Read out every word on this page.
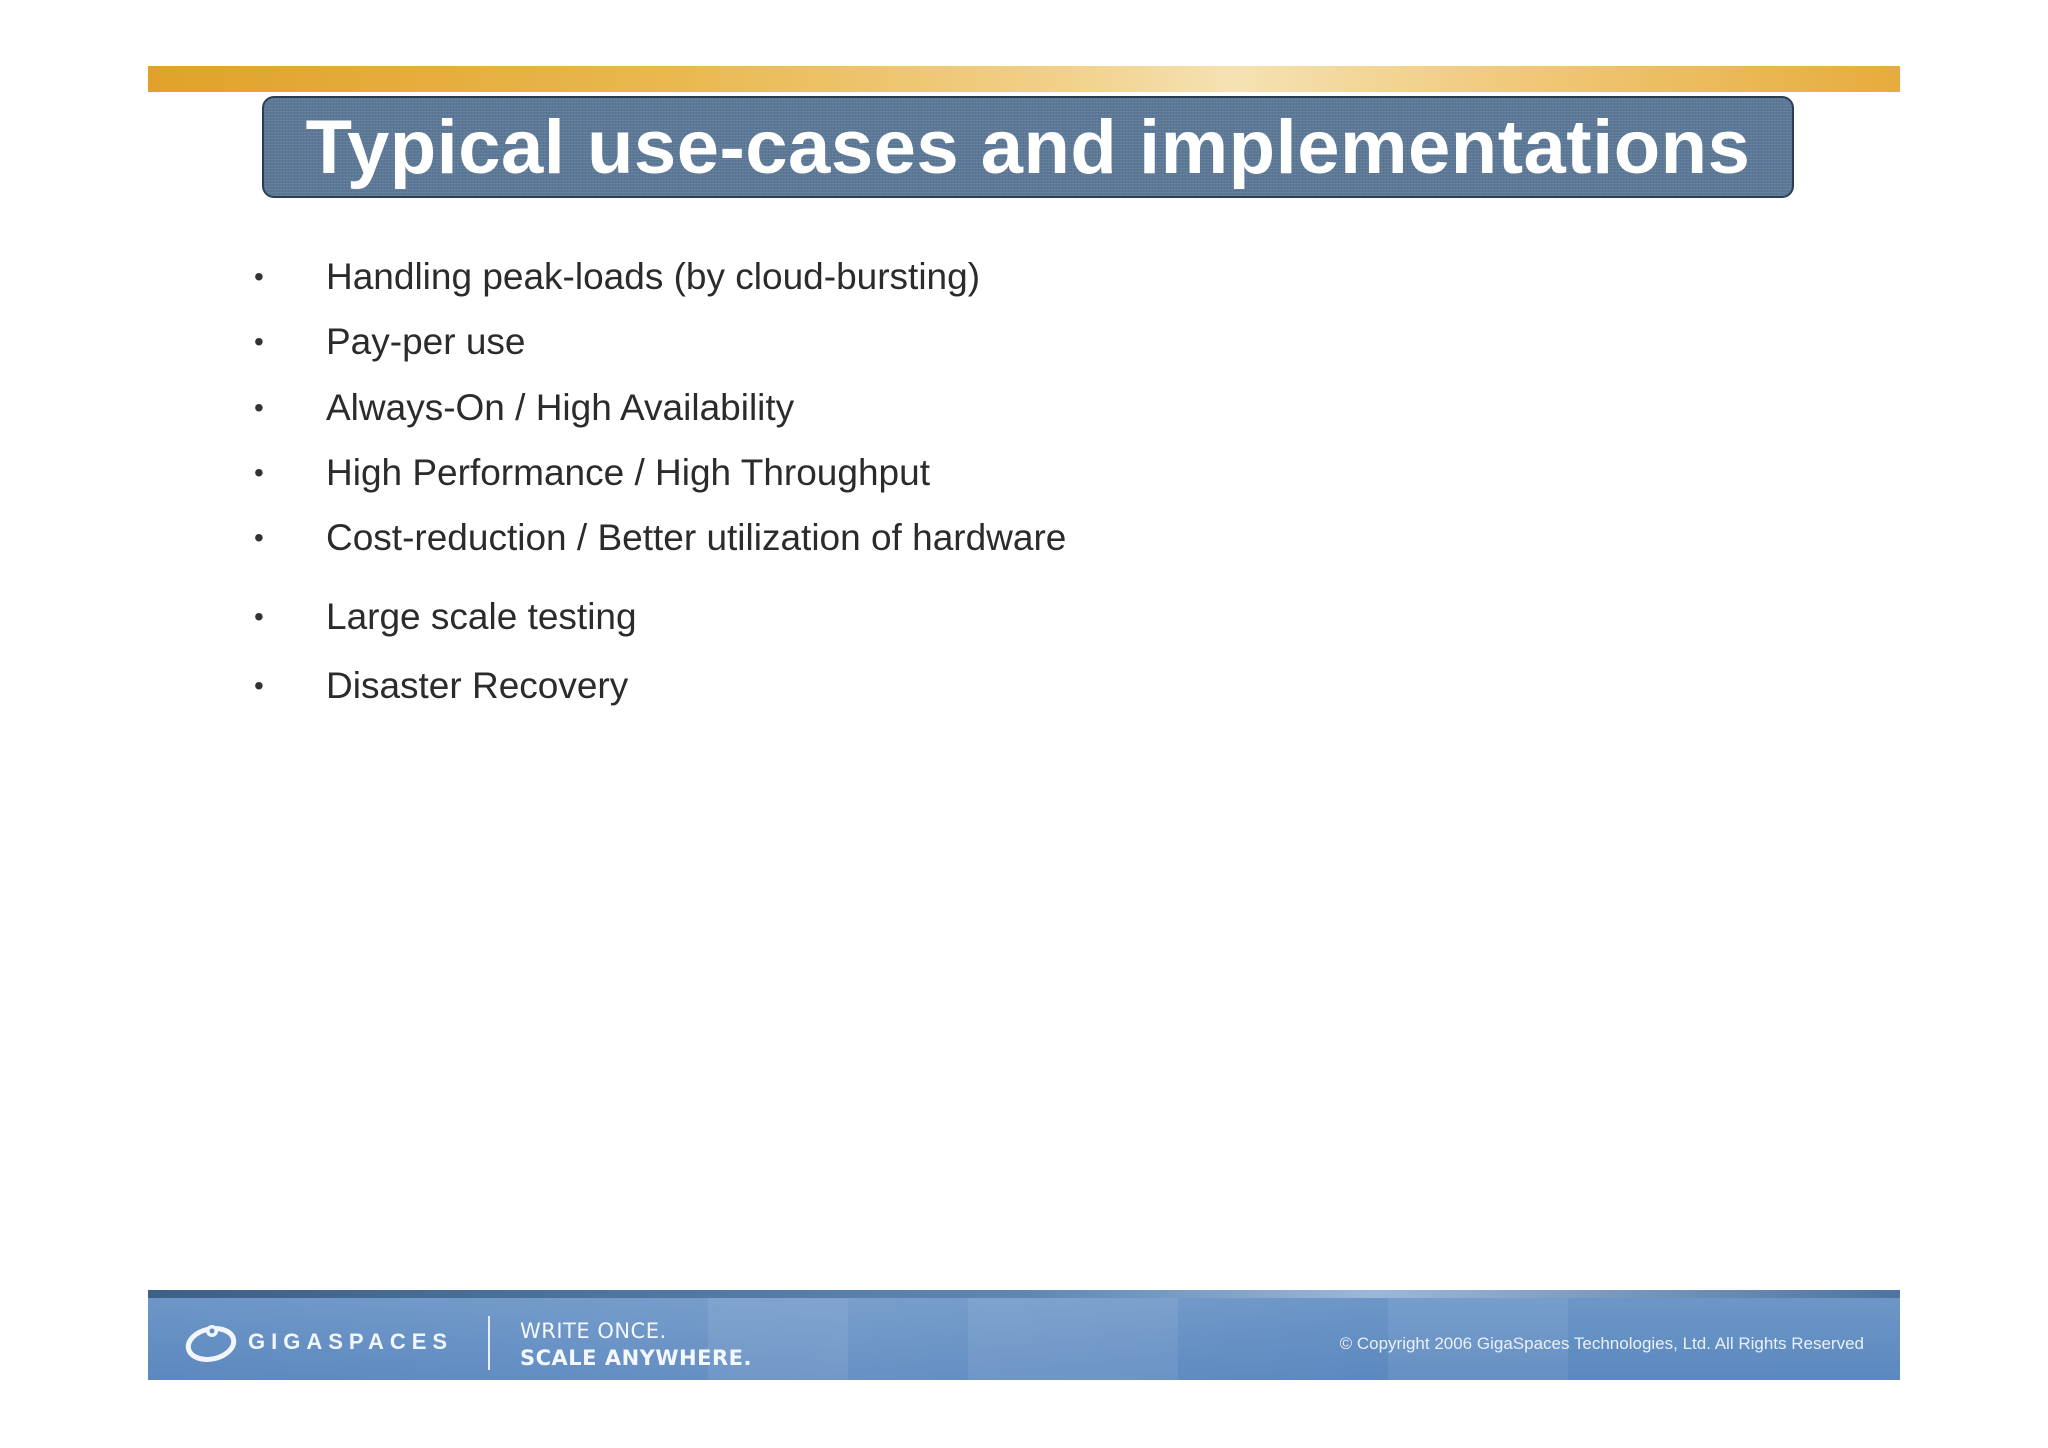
Typical use-cases and implementations
•	Handling peak-loads (by cloud-bursting)
•	Pay-per use
•	Always-On / High Availability
•	High Performance / High Throughput
•	Cost-reduction / Better utilization of hardware
•	Large scale testing
•	Disaster Recovery
GIGASPACES	WRITE ONCE.
SCALE ANYWHERE.
© Copyright 2006 GigaSpaces Technologies, Ltd. All Rights Reserved
